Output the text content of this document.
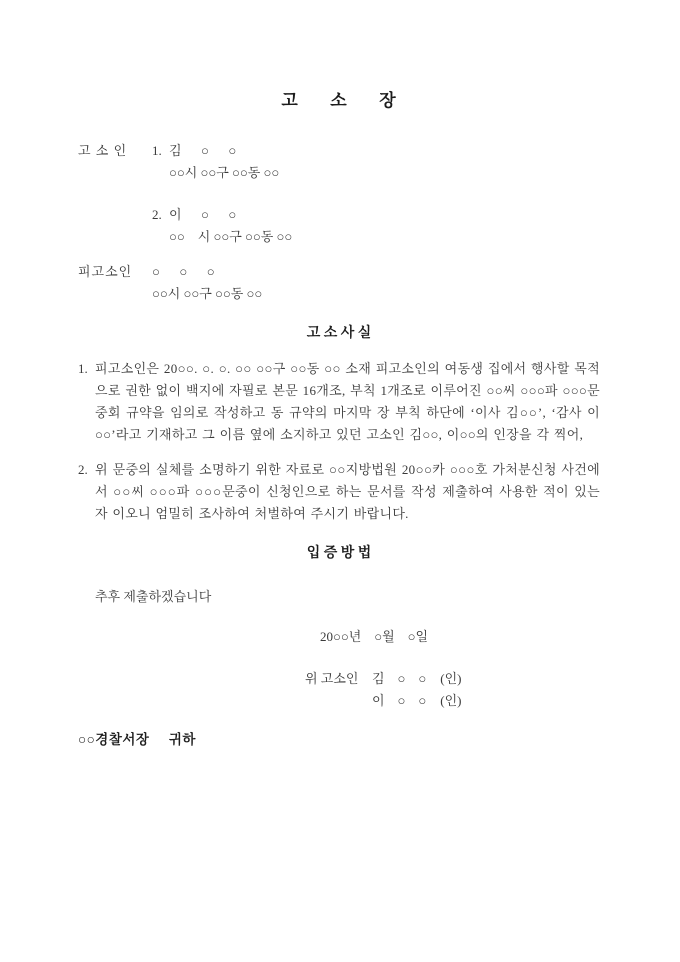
고      소      장
고 소 인	1. 김      ○      ○
○○시 ○○구 ○○동 ○○
2. 이      ○      ○
○○    시 ○○구 ○○동 ○○
피고소인	○      ○      ○
○○시 ○○구 ○○동 ○○
고 소 사 실
1. 피고소인은 20○○. ○. ○. ○○ ○○구 ○○동 ○○ 소재 피고소인의 여동생 집에서 행사할 목적으로 권한 없이 백지에 자필로 본문 16개조, 부칙 1개조로 이루어진 ○○씨 ○○○파 ○○○문중회 규약을 임의로 작성하고 동 규약의 마지막 장 부칙 하단에 ‘이사 김○○’, ‘감사 이○○’라고 기재하고 그 이름 옆에 소지하고 있던 고소인 김○○, 이○○의 인장을 각 찍어,
2. 위 문중의 실체를 소명하기 위한 자료로 ○○지방법원 20○○카 ○○○호 가처분신청 사건에서 ○○씨 ○○○파 ○○○문중이 신청인으로 하는 문서를 작성 제출하여 사용한 적이 있는 자 이오니 엄밀히 조사하여 처벌하여 주시기 바랍니다.
입 증 방 법
추후 제출하겠습니다
20○○년    ○월    ○일
위 고소인	김    ○    ○ (인)
이    ○    ○ (인)
○○경찰서장     귀하
